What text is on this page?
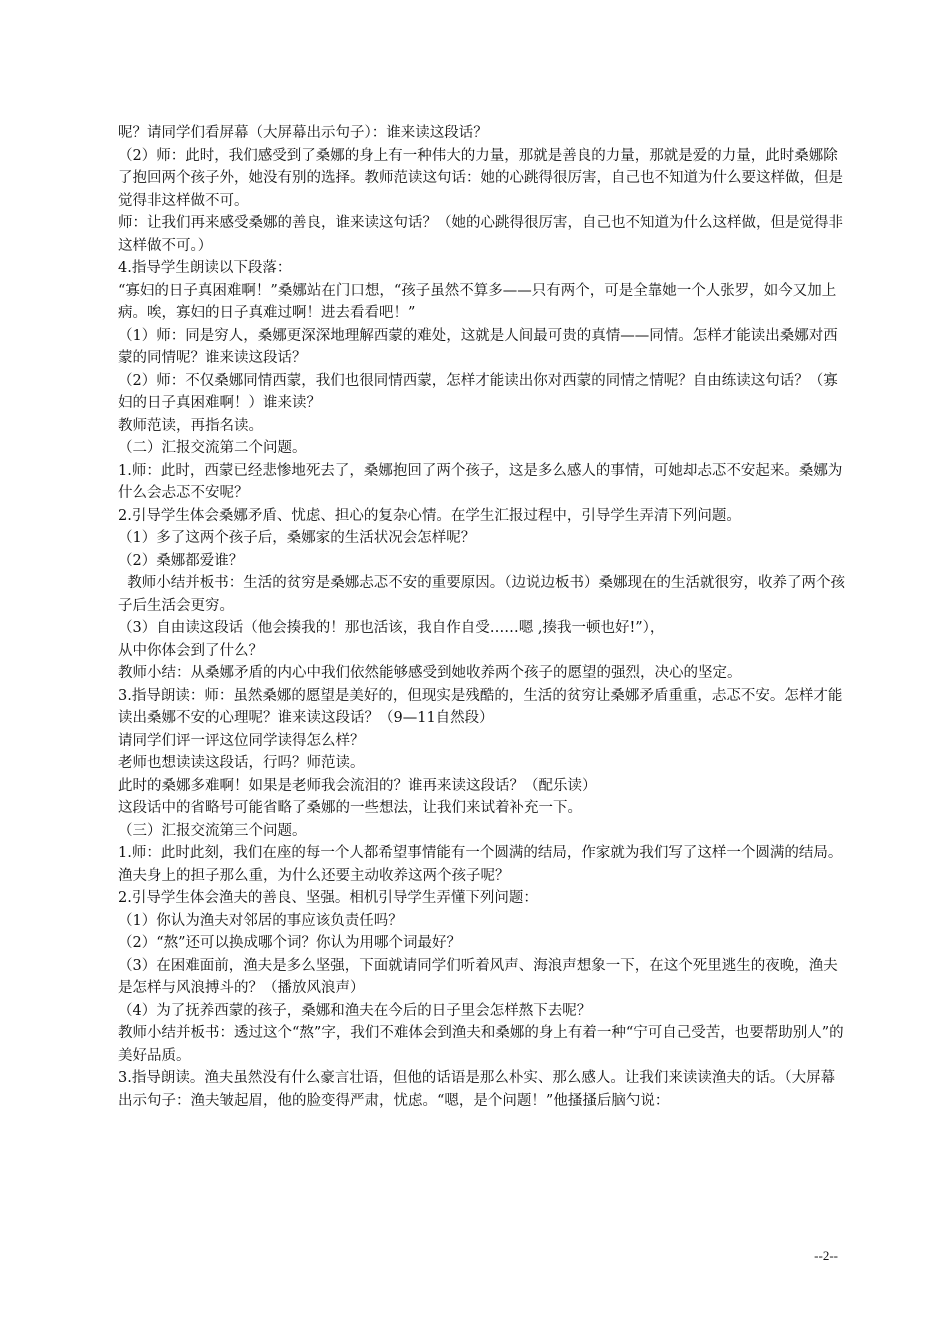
呢？请同学们看屏幕（大屏幕出示句子）：谁来读这段话？

（2）师：此时，我们感受到了桑娜的身上有一种伟大的力量，那就是善良的力量，那就是爱的力量，此时桑娜除了抱回两个孩子外，她没有别的选择。教师范读这句话：她的心跳得很厉害，自己也不知道为什么要这样做，但是觉得非这样做不可。

师：让我们再来感受桑娜的善良，谁来读这句话？（她的心跳得很厉害，自己也不知道为什么这样做，但是觉得非这样做不可。）

4.指导学生朗读以下段落：

“寡妇的日子真困难啊！”桑娜站在门口想，“孩子虽然不算多——只有两个，可是全靠她一个人张罗，如今又加上病。唉，寡妇的日子真难过啊！进去看看吧！”

（1）师：同是穷人，桑娜更深深地理解西蒙的难处，这就是人间最可贵的真情——同情。怎样才能读出桑娜对西蒙的同情呢？谁来读这段话？

（2）师：不仅桑娜同情西蒙，我们也很同情西蒙，怎样才能读出你对西蒙的同情之情呢？自由练读这句话？（寡妇的日子真困难啊！）谁来读？

教师范读，再指名读。

（二）汇报交流第二个问题。

1.师：此时，西蒙已经悲惨地死去了，桑娜抱回了两个孩子，这是多么感人的事情，可她却忐忑不安起来。桑娜为什么会忐忑不安呢？

2.引导学生体会桑娜矛盾、忧虑、担心的复杂心情。在学生汇报过程中，引导学生弄清下列问题。

（1）多了这两个孩子后，桑娜家的生活状况会怎样呢？

（2）桑娜都爱谁？

教师小结并板书：生活的贫穷是桑娜忐忑不安的重要原因。（边说边板书）桑娜现在的生活就很穷，收养了两个孩子后生活会更穷。

（3）自由读这段话（他会揍我的！那也活该，我自作自受……嗯 ,揍我一顿也好!”），

从中你体会到了什么？

教师小结：从桑娜矛盾的内心中我们依然能够感受到她收养两个孩子的愿望的强烈，决心的坚定。

3.指导朗读：师：虽然桑娜的愿望是美好的，但现实是残酷的，生活的贫穷让桑娜矛盾重重，忐忑不安。怎样才能读出桑娜不安的心理呢？谁来读这段话？（9—11自然段）

请同学们评一评这位同学读得怎么样？

老师也想读读这段话，行吗？师范读。

此时的桑娜多难啊！如果是老师我会流泪的？谁再来读这段话？（配乐读）

这段话中的省略号可能省略了桑娜的一些想法，让我们来试着补充一下。

（三）汇报交流第三个问题。

1.师：此时此刻，我们在座的每一个人都希望事情能有一个圆满的结局，作家就为我们写了这样一个圆满的结局。渔夫身上的担子那么重，为什么还要主动收养这两个孩子呢？

2.引导学生体会渔夫的善良、坚强。相机引导学生弄懂下列问题：

（1）你认为渔夫对邻居的事应该负责任吗？

（2）“熬”还可以换成哪个词？你认为用哪个词最好？

（3）在困难面前，渔夫是多么坚强，下面就请同学们听着风声、海浪声想象一下，在这个死里逃生的夜晚，渔夫是怎样与风浪搏斗的？（播放风浪声）

（4）为了抚养西蒙的孩子，桑娜和渔夫在今后的日子里会怎样熬下去呢？

教师小结并板书：透过这个“熬”字，我们不难体会到渔夫和桑娜的身上有着一种“宁可自己受苦，也要帮助别人”的美好品质。

3.指导朗读。渔夫虽然没有什么豪言壮语，但他的话语是那么朴实、那么感人。让我们来读读渔夫的话。（大屏幕出示句子：渔夫皱起眉，他的脸变得严肃，忧虑。“嗯，是个问题！”他搔搔后脑勺说：

--2--
